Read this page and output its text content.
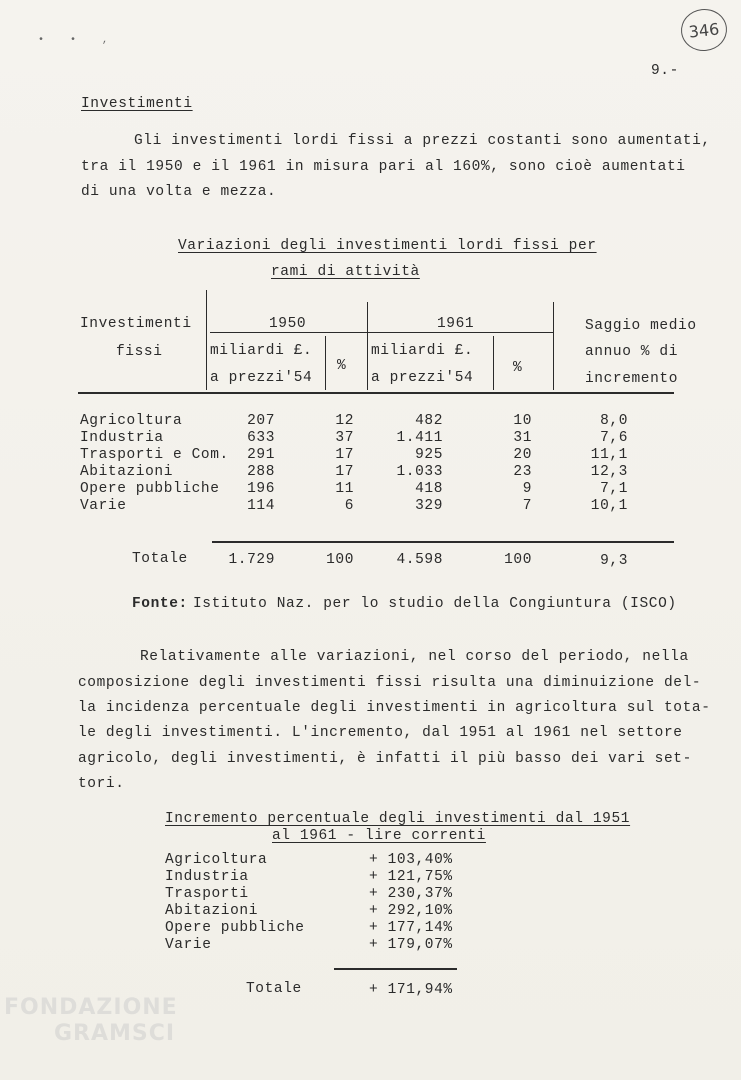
• • ,	346
9.-
Investimenti
Gli investimenti lordi fissi a prezzi costanti sono aumentati,
tra il 1950 e il 1961 in misura pari al 160%, sono cioè aumentati
di una volta e mezza.
Variazioni degli investimenti lordi fissi per
rami di attività
Investimenti
fissi
1950	1961
miliardi £.
a prezzi'54
%
miliardi £.
a prezzi'54
%
Saggio medio
annuo % di
incremento
Agricoltura	207	12	482	10	8,0
Industria	633	37	1.411	31	7,6
Trasporti e Com.	291	17	925	20	11,1
Abitazioni	288	17	1.033	23	12,3
Opere pubbliche	196	11	418	9	7,1
Varie	114	6	329	7	10,1
Totale	1.729	100	4.598	100	9,3
Fonte: Istituto Naz. per lo studio della Congiuntura (ISCO)
Relativamente alle variazioni, nel corso del periodo, nella
composizione degli investimenti fissi risulta una diminuizione del-
la incidenza percentuale degli investimenti in agricoltura sul tota-
le degli investimenti. L'incremento, dal 1951 al 1961 nel settore
agricolo, degli investimenti, è infatti il più basso dei vari set-
tori.
Incremento percentuale degli investimenti dal 1951
al 1961 - lire correnti
Agricoltura	+ 103,40%
Industria	+ 121,75%
Trasporti	+ 230,37%
Abitazioni	+ 292,10%
Opere pubbliche	+ 177,14%
Varie	+ 179,07%
Totale	+ 171,94%
FONDAZIONE
GRAMSCI
